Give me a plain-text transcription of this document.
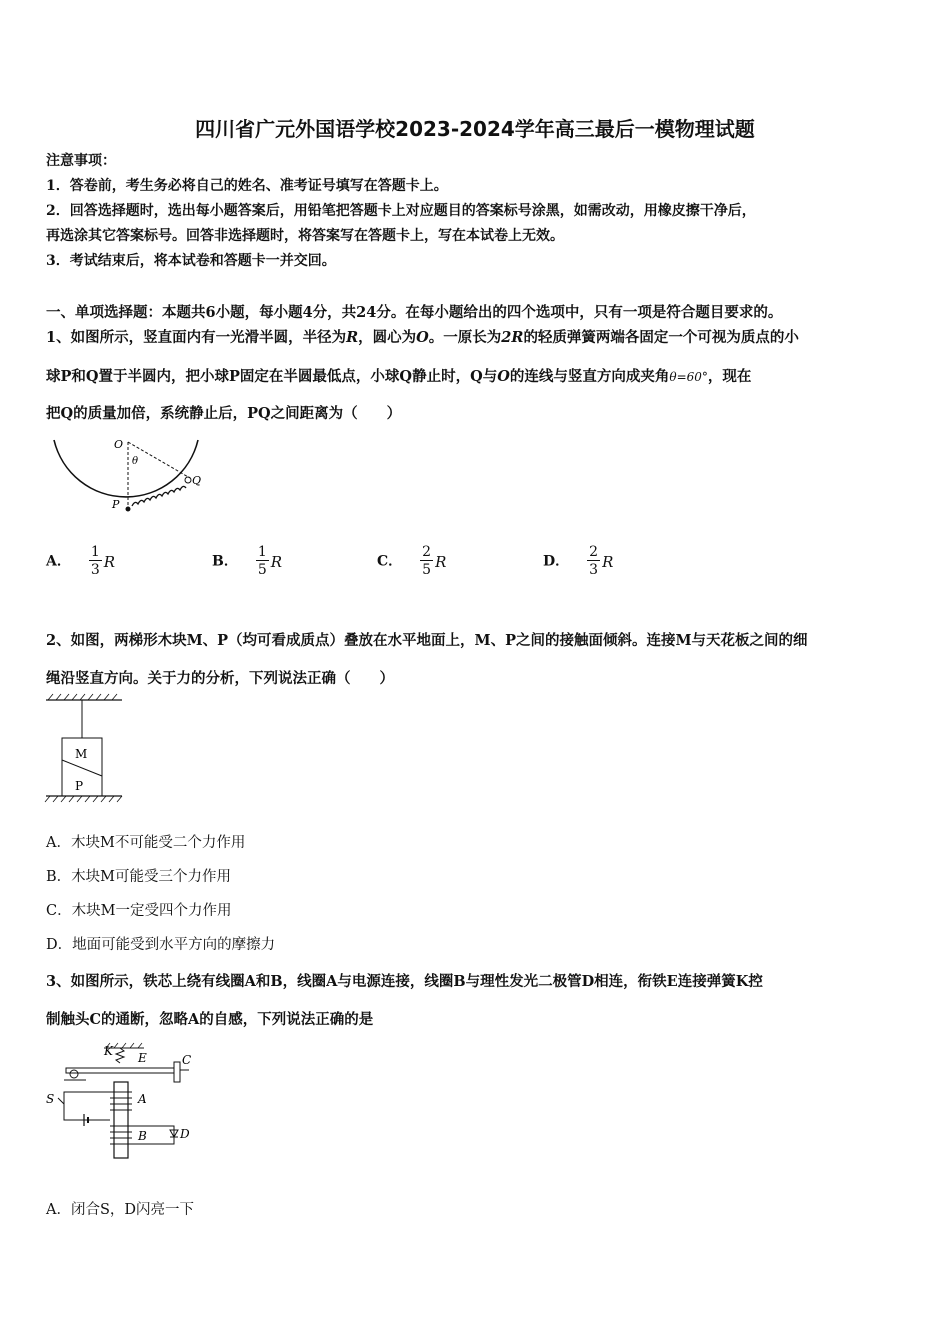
四川省广元外国语学校2023-2024学年高三最后一模物理试题
注意事项：
1．答卷前，考生务必将自己的姓名、准考证号填写在答题卡上。
2．回答选择题时，选出每小题答案后，用铅笔把答题卡上对应题目的答案标号涂黑，如需改动，用橡皮擦干净后，
再选涂其它答案标号。回答非选择题时，将答案写在答题卡上，写在本试卷上无效。
3．考试结束后，将本试卷和答题卡一并交回。
一、单项选择题：本题共6小题，每小题4分，共24分。在每小题给出的四个选项中，只有一项是符合题目要求的。
1、如图所示，竖直面内有一光滑半圆，半径为R，圆心为O。一原长为2R的轻质弹簧两端各固定一个可视为质点的小
球P和Q置于半圆内，把小球P固定在半圆最低点，小球Q静止时，Q与O的连线与竖直方向成夹角θ=60°，现在
把Q的质量加倍，系统静止后，PQ之间距离为（　　）
O
θ
P
Q
A． $\frac{1}{3}$ R	B． $\frac{1}{5}$ R	C． $\frac{2}{5}$ R	D． $\frac{2}{3}$ R
2、如图，两梯形木块M、P（均可看成质点）叠放在水平地面上，M、P之间的接触面倾斜。连接M与天花板之间的细
绳沿竖直方向。关于力的分析，下列说法正确（　　）
M
P
A．木块M不可能受二个力作用
B．木块M可能受三个力作用
C．木块M一定受四个力作用
D．地面可能受到水平方向的摩擦力
3、如图所示，铁芯上绕有线圈A和B，线圈A与电源连接，线圈B与理性发光二极管D相连，衔铁E连接弹簧K控
制触头C的通断，忽略A的自感，下列说法正确的是
K E	C
S	A
B	D
A．闭合S，D闪亮一下
